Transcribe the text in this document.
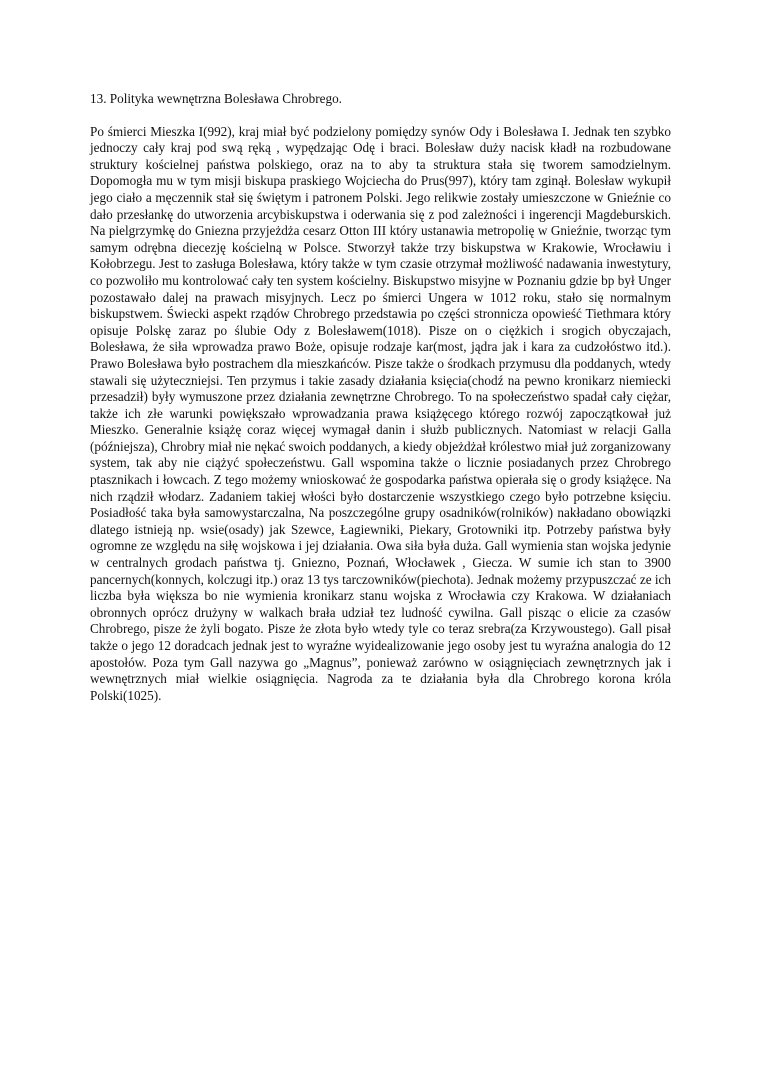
13. Polityka wewnętrzna Bolesława Chrobrego.

Po śmierci Mieszka I(992), kraj miał być podzielony pomiędzy synów Ody i Bolesława I. Jednak ten szybko jednoczy cały kraj pod swą ręką , wypędzając Odę i braci. Bolesław duży nacisk kładł na rozbudowane struktury kościelnej państwa polskiego, oraz na to aby ta struktura stała się tworem samodzielnym. Dopomogła mu w tym misji biskupa praskiego Wojciecha do Prus(997), który tam zginął. Bolesław wykupił jego ciało a męczennik stał się świętym i patronem Polski. Jego relikwie zostały umieszczone w Gnieźnie co dało przesłankę do utworzenia arcybiskupstwa i oderwania się z pod zależności i ingerencji Magdeburskich. Na pielgrzymkę do Gniezna przyjeżdża cesarz Otton III który ustanawia metropolię w Gnieźnie, tworząc tym samym odrębna diecezję kościelną w Polsce. Stworzył także trzy biskupstwa w Krakowie, Wrocławiu i Kołobrzegu. Jest to zasługa Bolesława, który także w tym czasie otrzymał możliwość nadawania inwestytury, co pozwoliło mu kontrolować cały ten system kościelny. Biskupstwo misyjne w Poznaniu gdzie bp był Unger pozostawało dalej na prawach misyjnych. Lecz po śmierci Ungera w 1012 roku, stało się normalnym biskupstwem. Świecki aspekt rządów Chrobrego przedstawia po części stronnicza opowieść Tiethmara który opisuje Polskę zaraz po ślubie Ody z Bolesławem(1018). Pisze on o ciężkich i srogich obyczajach, Bolesława, że siła wprowadza prawo Boże, opisuje rodzaje kar(most, jądra jak i kara za cudzołóstwo itd.). Prawo Bolesława było postrachem dla mieszkańców. Pisze także o środkach przymusu dla poddanych, wtedy stawali się użyteczniejsi. Ten przymus i takie zasady działania księcia(chodź na pewno kronikarz niemiecki przesadził) były wymuszone przez działania zewnętrzne Chrobrego. To na społeczeństwo spadał cały ciężar, także ich złe warunki powiększało wprowadzania prawa książęcego którego rozwój zapoczątkował już Mieszko. Generalnie książę coraz więcej wymagał danin i służb publicznych. Natomiast w relacji Galla (późniejsza), Chrobry miał nie nękać swoich poddanych, a kiedy objeżdżał królestwo miał już zorganizowany system, tak aby nie ciążyć społeczeństwu. Gall wspomina także o licznie posiadanych przez Chrobrego ptasznikach i łowcach. Z tego możemy wnioskować że gospodarka państwa opierała się o grody książęce. Na nich rządził włodarz. Zadaniem takiej włości było dostarczenie wszystkiego czego było potrzebne księciu. Posiadłość taka była samowystarczalna, Na poszczególne grupy osadników(rolników) nakładano obowiązki dlatego istnieją np. wsie(osady) jak Szewce, Łagiewniki, Piekary, Grotowniki itp. Potrzeby państwa były ogromne ze względu na siłę wojskowa i jej działania. Owa siła była duża. Gall wymienia stan wojska jedynie w centralnych grodach państwa tj. Gniezno, Poznań, Włocławek , Giecza. W sumie ich stan to 3900 pancernych(konnych, kolczugi itp.) oraz 13 tys tarczowników(piechota). Jednak możemy przypuszczać ze ich liczba była większa bo nie wymienia kronikarz stanu wojska z Wrocławia czy Krakowa. W działaniach obronnych oprócz drużyny w walkach brała udział tez ludność cywilna. Gall pisząc o elicie za czasów Chrobrego, pisze że żyli bogato. Pisze że złota było wtedy tyle co teraz srebra(za Krzywoustego). Gall pisał także o jego 12 doradcach jednak jest to wyraźne wyidealizowanie jego osoby jest tu wyraźna analogia do 12 apostołów. Poza tym Gall nazywa go „Magnus”, ponieważ zarówno w osiągnięciach zewnętrznych jak i wewnętrznych miał wielkie osiągnięcia. Nagroda za te działania była dla Chrobrego korona króla Polski(1025).
